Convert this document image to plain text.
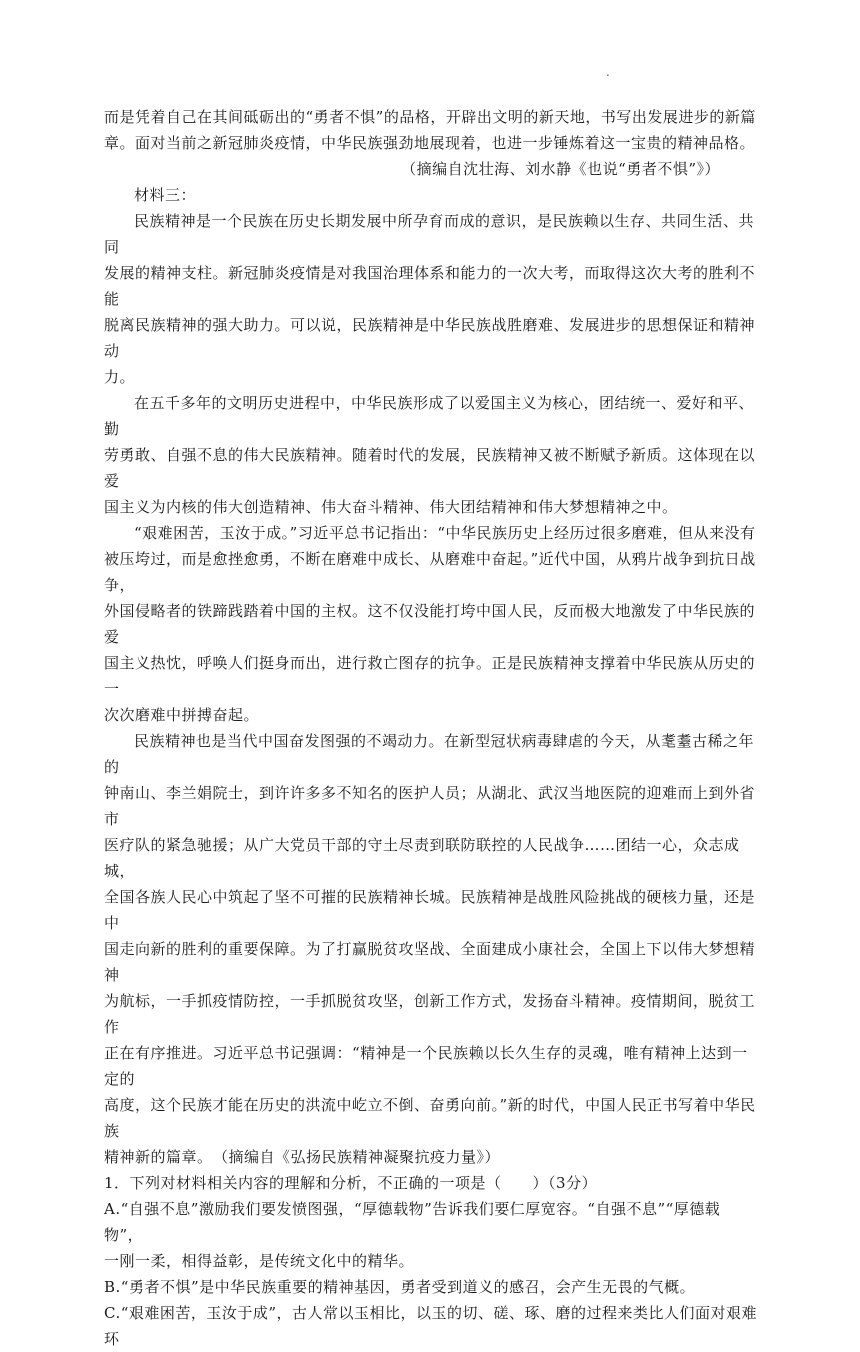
.

而是凭着自己在其间砥砺出的“勇者不惧”的品格，开辟出文明的新天地，书写出发展进步的新篇

章。面对当前之新冠肺炎疫情，中华民族强劲地展现着，也进一步锤炼着这一宝贵的精神品格。

（摘编自沈壮海、刘水静《也说“勇者不惧”》）

材料三：

民族精神是一个民族在历史长期发展中所孕育而成的意识，是民族赖以生存、共同生活、共同

发展的精神支柱。新冠肺炎疫情是对我国治理体系和能力的一次大考，而取得这次大考的胜利不能

脱离民族精神的强大助力。可以说，民族精神是中华民族战胜磨难、发展进步的思想保证和精神动

力。

在五千多年的文明历史进程中，中华民族形成了以爱国主义为核心，团结统一、爱好和平、勤

劳勇敢、自强不息的伟大民族精神。随着时代的发展，民族精神又被不断赋予新质。这体现在以爱

国主义为内核的伟大创造精神、伟大奋斗精神、伟大团结精神和伟大梦想精神之中。

“艰难困苦，玉汝于成。”习近平总书记指出：“中华民族历史上经历过很多磨难，但从来没有

被压垮过，而是愈挫愈勇，不断在磨难中成长、从磨难中奋起。”近代中国，从鸦片战争到抗日战争，

外国侵略者的铁蹄践踏着中国的主权。这不仅没能打垮中国人民，反而极大地激发了中华民族的爱

国主义热忱，呼唤人们挺身而出，进行救亡图存的抗争。正是民族精神支撑着中华民族从历史的一

次次磨难中拼搏奋起。

民族精神也是当代中国奋发图强的不竭动力。在新型冠状病毒肆虐的今天，从耄耋古稀之年的

钟南山、李兰娟院士，到许许多多不知名的医护人员；从湖北、武汉当地医院的迎难而上到外省市

医疗队的紧急驰援；从广大党员干部的守土尽责到联防联控的人民战争……团结一心，众志成城，

全国各族人民心中筑起了坚不可摧的民族精神长城。民族精神是战胜风险挑战的硬核力量，还是中

国走向新的胜利的重要保障。为了打赢脱贫攻坚战、全面建成小康社会，全国上下以伟大梦想精神

为航标，一手抓疫情防控，一手抓脱贫攻坚，创新工作方式，发扬奋斗精神。疫情期间，脱贫工作

正在有序推进。习近平总书记强调：“精神是一个民族赖以长久生存的灵魂，唯有精神上达到一定的

高度，这个民族才能在历史的洪流中屹立不倒、奋勇向前。”新的时代，中国人民正书写着中华民族

精神新的篇章。　（摘编自《弘扬民族精神凝聚抗疫力量》）

1．下列对材料相关内容的理解和分析，不正确的一项是（　　）（3分）

A.“自强不息”激励我们要发愤图强，“厚德载物”告诉我们要仁厚宽容。“自强不息”“厚德载物”，

一刚一柔，相得益彰，是传统文化中的精华。

B.“勇者不惧”是中华民族重要的精神基因，勇者受到道义的感召，会产生无畏的气概。

C.“艰难困苦，玉汝于成”，古人常以玉相比，以玉的切、磋、琢、磨的过程来类比人们面对艰难环
